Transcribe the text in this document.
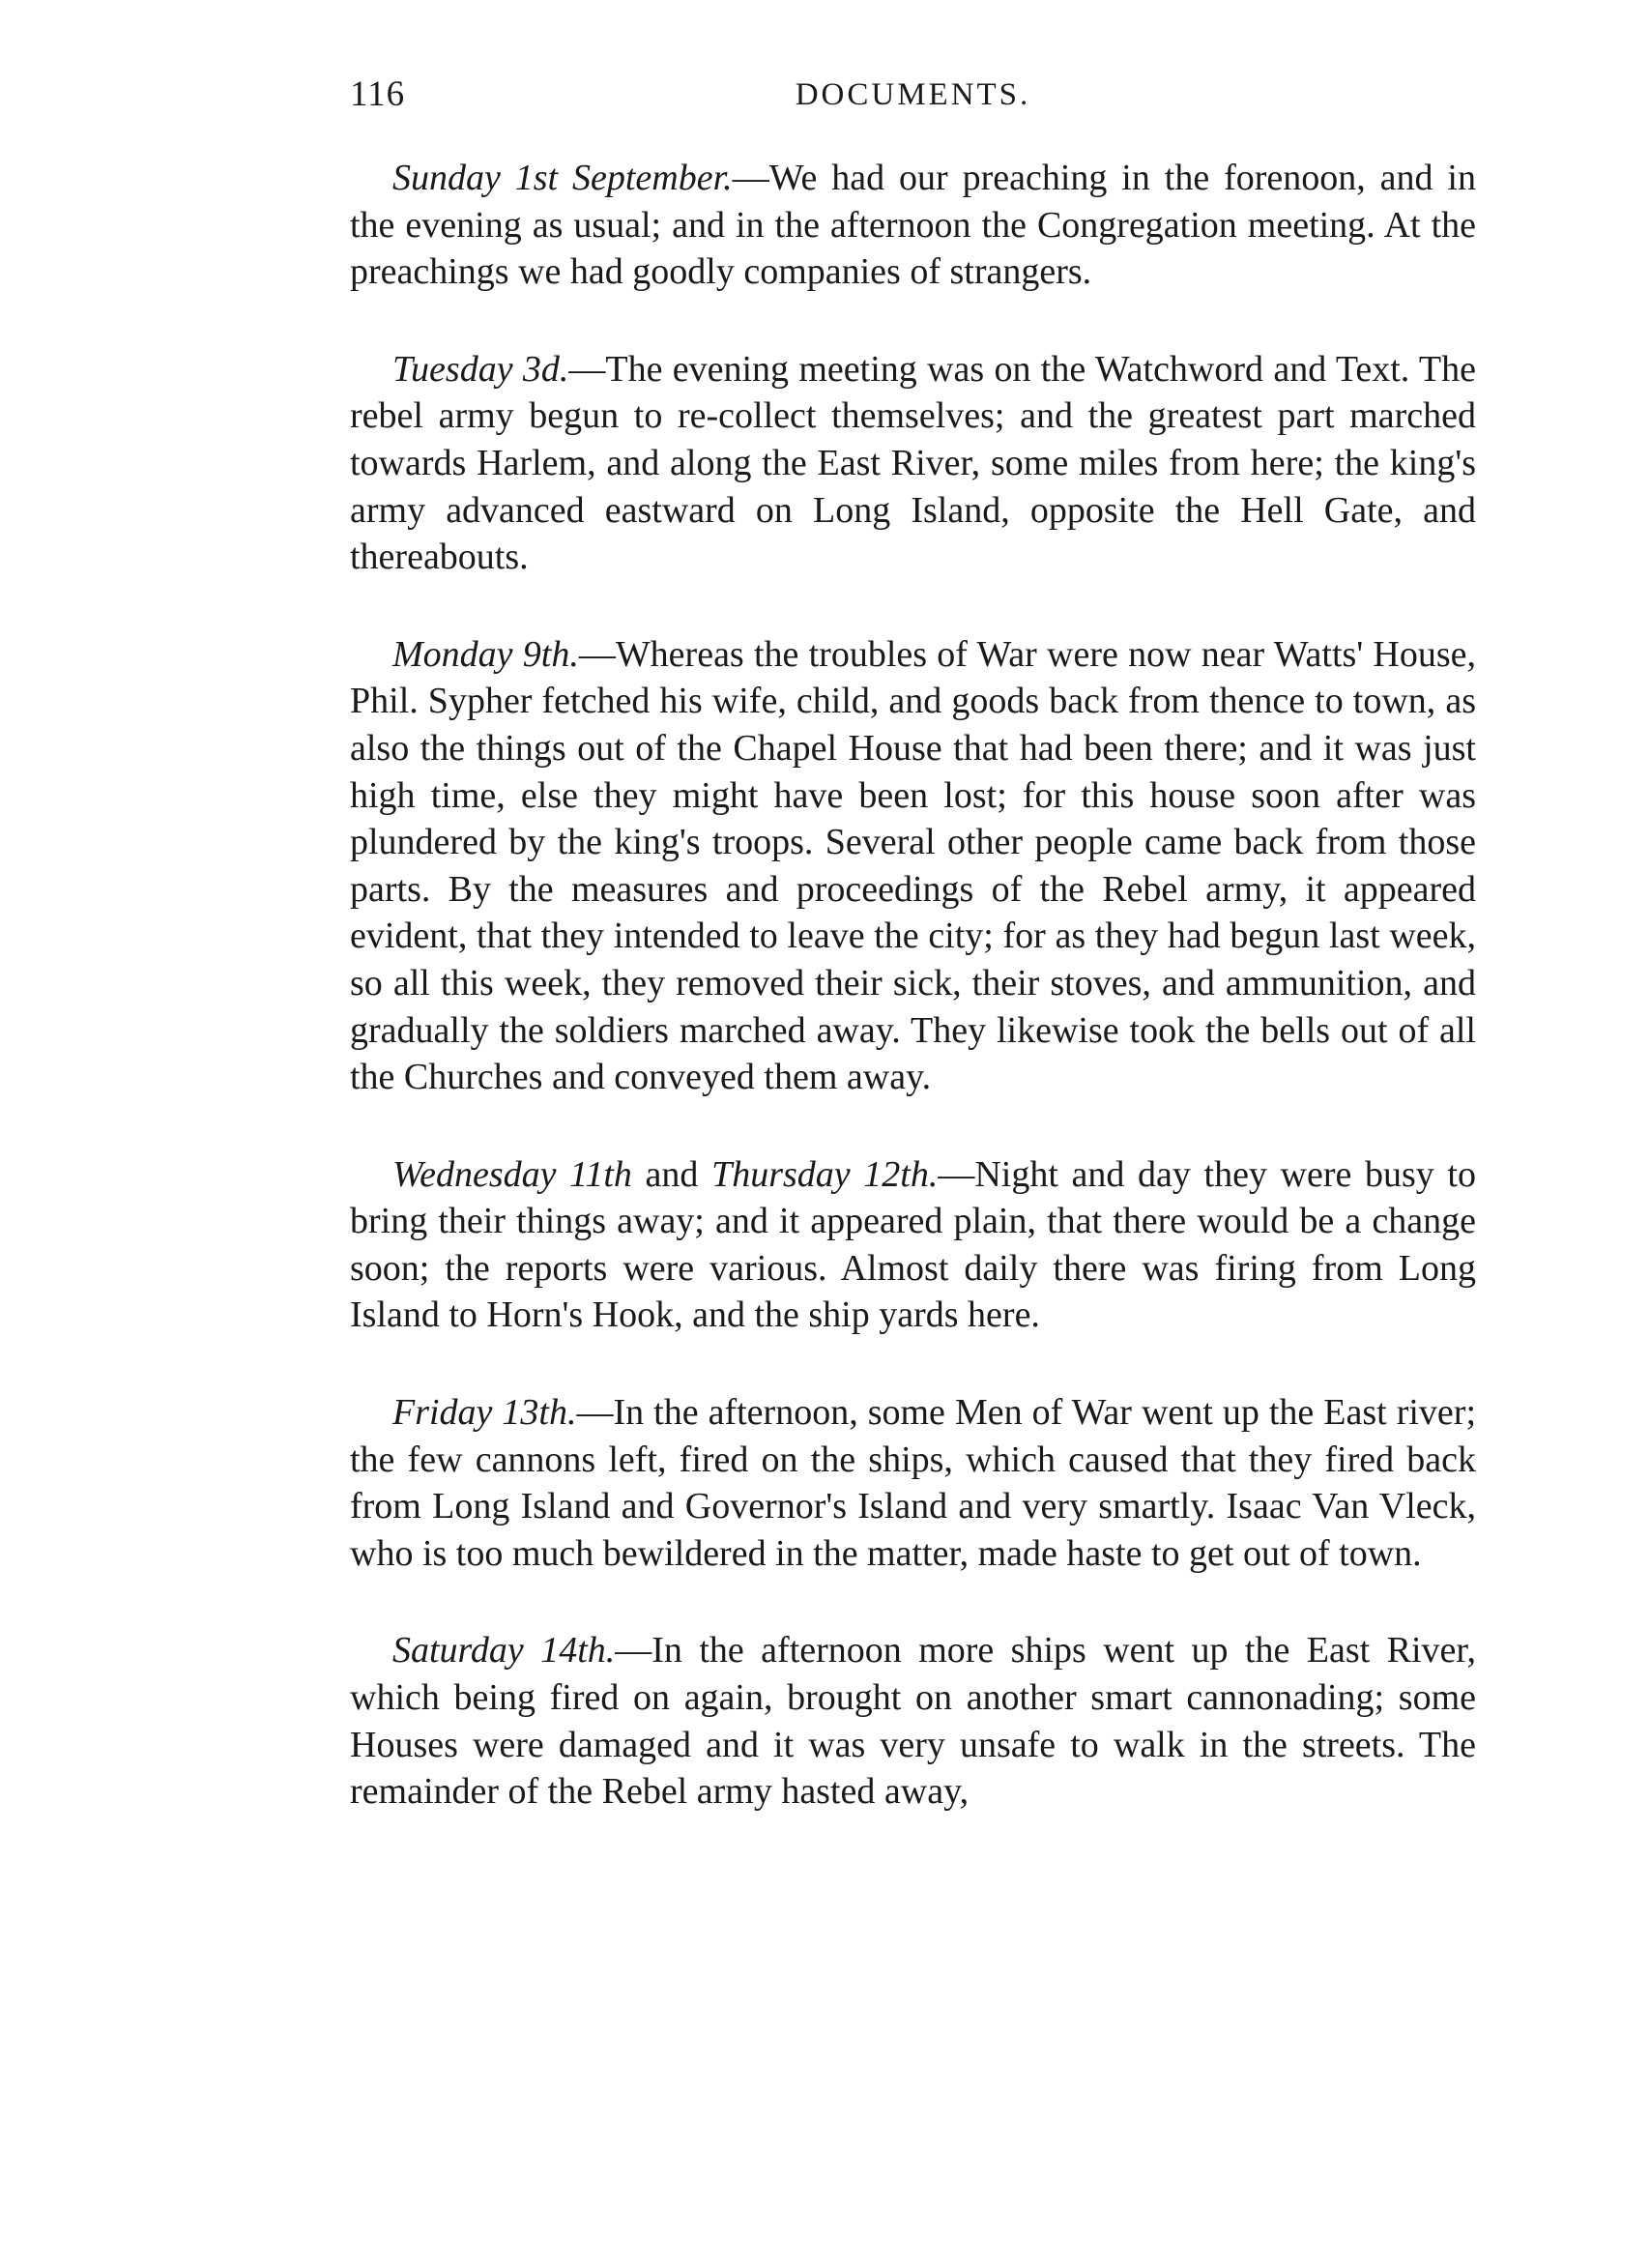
116	DOCUMENTS.

Sunday 1st September.—We had our preaching in the forenoon, and in the evening as usual; and in the afternoon the Congregation meeting. At the preachings we had goodly companies of strangers.

Tuesday 3d.—The evening meeting was on the Watchword and Text. The rebel army begun to re-collect themselves; and the greatest part marched towards Harlem, and along the East River, some miles from here; the king's army advanced eastward on Long Island, opposite the Hell Gate, and thereabouts.

Monday 9th.—Whereas the troubles of War were now near Watts' House, Phil. Sypher fetched his wife, child, and goods back from thence to town, as also the things out of the Chapel House that had been there; and it was just high time, else they might have been lost; for this house soon after was plundered by the king's troops. Several other people came back from those parts. By the measures and proceedings of the Rebel army, it appeared evident, that they intended to leave the city; for as they had begun last week, so all this week, they removed their sick, their stoves, and ammunition, and gradually the soldiers marched away. They likewise took the bells out of all the Churches and conveyed them away.

Wednesday 11th and Thursday 12th.—Night and day they were busy to bring their things away; and it appeared plain, that there would be a change soon; the reports were various. Almost daily there was firing from Long Island to Horn's Hook, and the ship yards here.

Friday 13th.—In the afternoon, some Men of War went up the East river; the few cannons left, fired on the ships, which caused that they fired back from Long Island and Governor's Island and very smartly. Isaac Van Vleck, who is too much bewildered in the matter, made haste to get out of town.

Saturday 14th.—In the afternoon more ships went up the East River, which being fired on again, brought on another smart cannonading; some Houses were damaged and it was very unsafe to walk in the streets. The remainder of the Rebel army hasted away,
